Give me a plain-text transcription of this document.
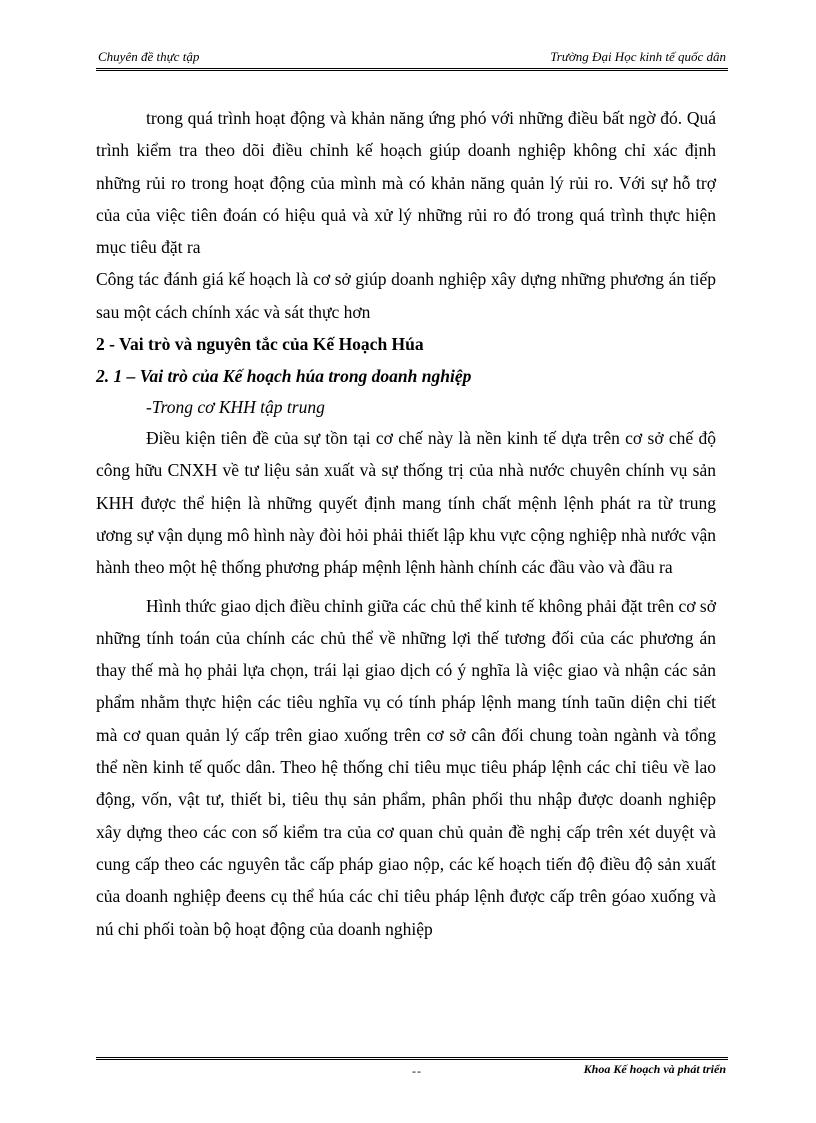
Chuyên đề thực tập	Trường Đại Học kinh tế quốc dân

trong quá trình hoạt động và khản năng ứng phó với những điều bất ngờ đó. Quá trình kiểm tra theo dõi điều chỉnh kế hoạch giúp doanh nghiệp không chỉ xác định những rủi ro trong hoạt động của mình mà có khản năng quản lý rủi ro. Với sự hỗ trợ của của việc tiên đoán có hiệu quả và xử lý những rủi ro đó trong quá trình thực hiện mục tiêu đặt ra

Công tác đánh giá kế hoạch là cơ sở giúp doanh nghiệp xây dựng những phương án tiếp sau một cách chính xác và sát thực hơn

2 - Vai trò và nguyên tắc của Kế Hoạch Húa

2. 1 – Vai trò của Kế hoạch húa trong doanh nghiệp

-Trong cơ KHH tập trung

Điều kiện tiên đề của sự tồn tại cơ chế này là nền kinh tế dựa trên cơ sở chế độ công hữu CNXH về tư liệu sản xuất và sự thống trị của nhà nước chuyên chính vụ sản KHH được thể hiện là những quyết định mang tính chất mệnh lệnh phát ra từ trung ương sự vận dụng mô hình này đòi hỏi phải thiết lập khu vực cộng nghiệp nhà nước vận hành theo một hệ thống phương pháp mệnh lệnh hành chính các đầu vào và đầu ra

Hình thức giao dịch điều chỉnh giữa các chủ thể kinh tế không phải đặt trên cơ sở những tính toán của chính các chủ thể về những lợi thế tương đối của các phương án thay thế mà họ phải lựa chọn, trái lại giao dịch có ý nghĩa là việc giao và nhận các sản phẩm nhằm thực hiện các tiêu nghĩa vụ có tính pháp lệnh mang tính taũn diện chi tiết mà cơ quan quản lý cấp trên giao xuống trên cơ sở cân đối chung toàn ngành và tổng thể nền kinh tế quốc dân. Theo hệ thống chỉ tiêu mục tiêu pháp lệnh các chỉ tiêu về lao động, vốn, vật tư, thiết bi, tiêu thụ sản phẩm, phân phối thu nhập được doanh nghiệp xây dựng theo các con số kiểm tra của cơ quan chủ quản đề nghị cấp trên xét duyệt và cung cấp theo các nguyên tắc cấp pháp giao nộp, các kế hoạch tiến độ điều độ sản xuất của doanh nghiệp đeens cụ thể húa các chỉ tiêu pháp lệnh được cấp trên góao xuống và nú chi phối toàn bộ hoạt động của doanh nghiệp

--	Khoa Kế hoạch và phát triển
